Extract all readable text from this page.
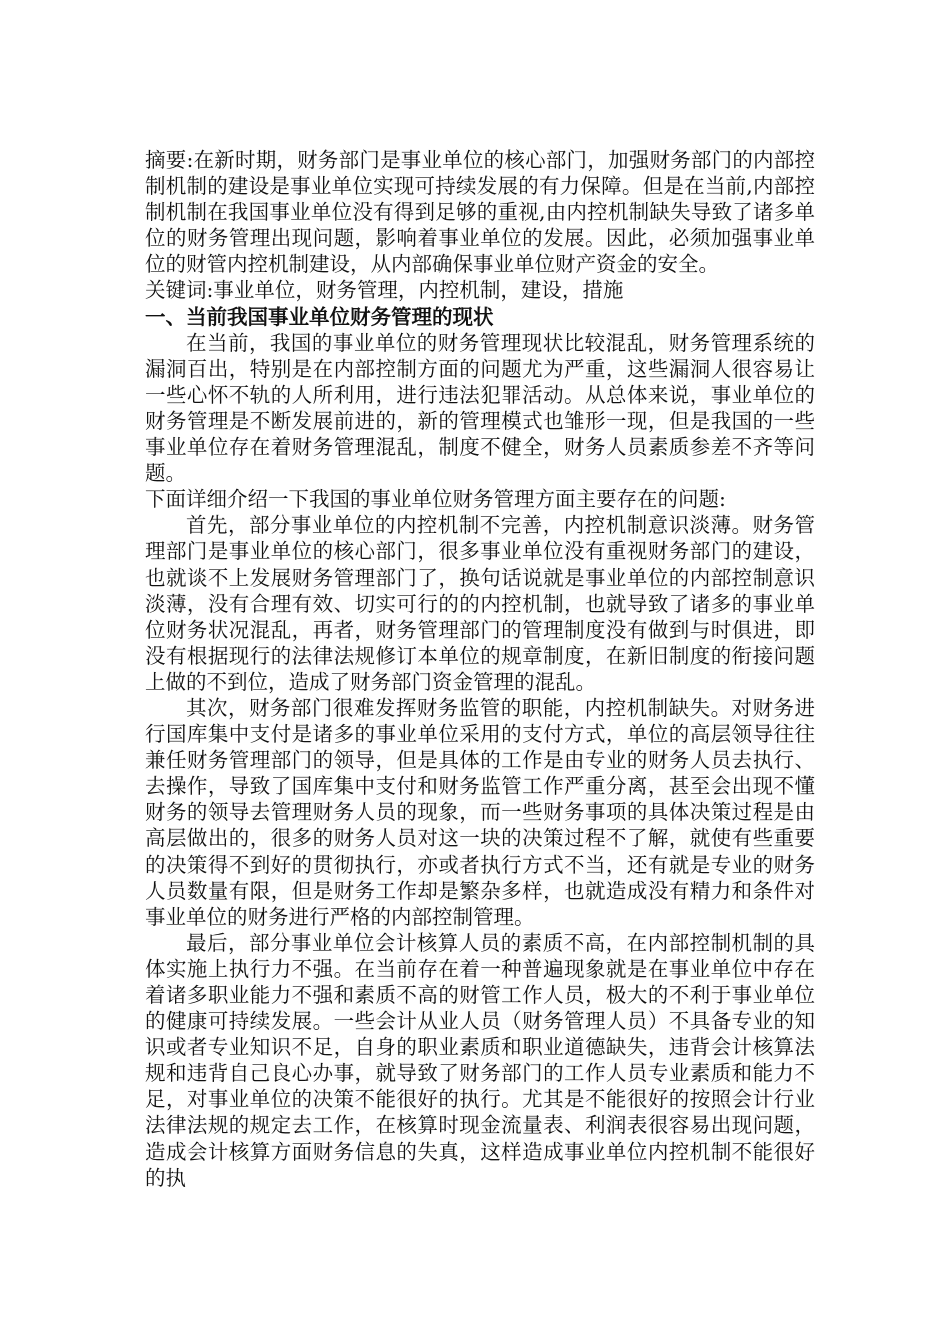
摘要:在新时期，财务部门是事业单位的核心部门，加强财务部门的内部控制机制的建设是事业单位实现可持续发展的有力保障。但是在当前,内部控制机制在我国事业单位没有得到足够的重视,由内控机制缺失导致了诸多单位的财务管理出现问题，影响着事业单位的发展。因此，必须加强事业单位的财管内控机制建设，从内部确保事业单位财产资金的安全。

关键词:事业单位，财务管理，内控机制，建设，措施

一、当前我国事业单位财务管理的现状

在当前，我国的事业单位的财务管理现状比较混乱，财务管理系统的漏洞百出，特别是在内部控制方面的问题尤为严重，这些漏洞人很容易让一些心怀不轨的人所利用，进行违法犯罪活动。从总体来说，事业单位的财务管理是不断发展前进的，新的管理模式也雏形一现，但是我国的一些事业单位存在着财务管理混乱，制度不健全，财务人员素质参差不齐等问题。

下面详细介绍一下我国的事业单位财务管理方面主要存在的问题:

首先，部分事业单位的内控机制不完善，内控机制意识淡薄。财务管理部门是事业单位的核心部门，很多事业单位没有重视财务部门的建设，也就谈不上发展财务管理部门了，换句话说就是事业单位的内部控制意识淡薄，没有合理有效、切实可行的的内控机制，也就导致了诸多的事业单位财务状况混乱，再者，财务管理部门的管理制度没有做到与时俱进，即没有根据现行的法律法规修订本单位的规章制度，在新旧制度的衔接问题上做的不到位，造成了财务部门资金管理的混乱。

其次，财务部门很难发挥财务监管的职能，内控机制缺失。对财务进行国库集中支付是诸多的事业单位采用的支付方式，单位的高层领导往往兼任财务管理部门的领导，但是具体的工作是由专业的财务人员去执行、去操作，导致了国库集中支付和财务监管工作严重分离，甚至会出现不懂财务的领导去管理财务人员的现象，而一些财务事项的具体决策过程是由高层做出的，很多的财务人员对这一块的决策过程不了解，就使有些重要的决策得不到好的贯彻执行，亦或者执行方式不当，还有就是专业的财务人员数量有限，但是财务工作却是繁杂多样，也就造成没有精力和条件对事业单位的财务进行严格的内部控制管理。

最后，部分事业单位会计核算人员的素质不高，在内部控制机制的具体实施上执行力不强。在当前存在着一种普遍现象就是在事业单位中存在着诸多职业能力不强和素质不高的财管工作人员，极大的不利于事业单位的健康可持续发展。一些会计从业人员（财务管理人员）不具备专业的知识或者专业知识不足，自身的职业素质和职业道德缺失，违背会计核算法规和违背自己良心办事，就导致了财务部门的工作人员专业素质和能力不足，对事业单位的决策不能很好的执行。尤其是不能很好的按照会计行业法律法规的规定去工作，在核算时现金流量表、利润表很容易出现问题，造成会计核算方面财务信息的失真，这样造成事业单位内控机制不能很好的执
